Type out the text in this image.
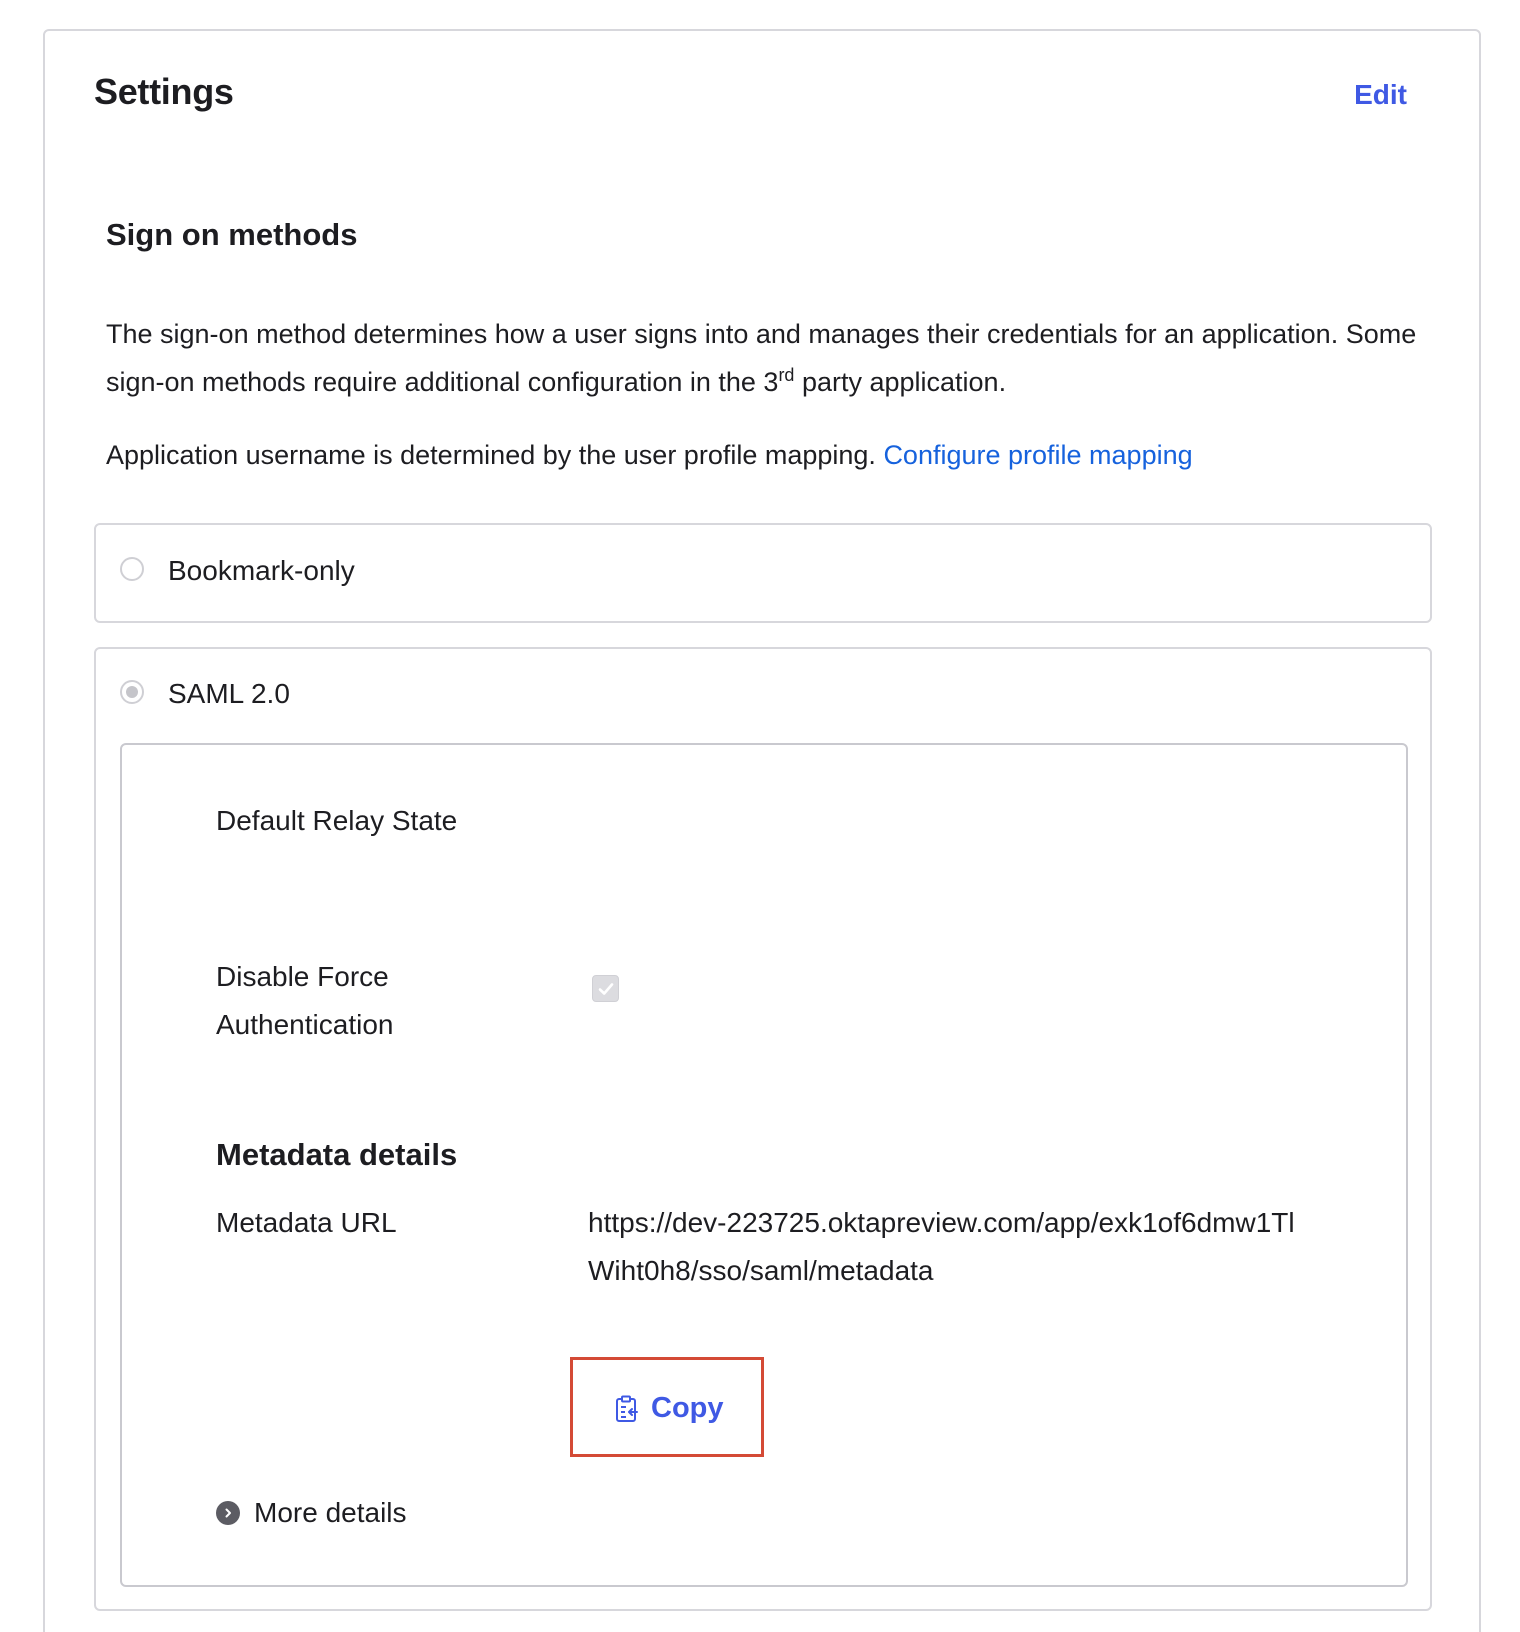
Settings	Edit
Sign on methods
The sign-on method determines how a user signs into and manages their credentials for an application. Some sign-on methods require additional configuration in the 3rd party application.
Application username is determined by the user profile mapping. Configure profile mapping
Bookmark-only
SAML 2.0
Default Relay State
Disable Force Authentication
Metadata details
Metadata URL	https://dev-223725.oktapreview.com/app/exk1of6dmw1TlWiht0h8/sso/saml/metadata
Copy
More details
